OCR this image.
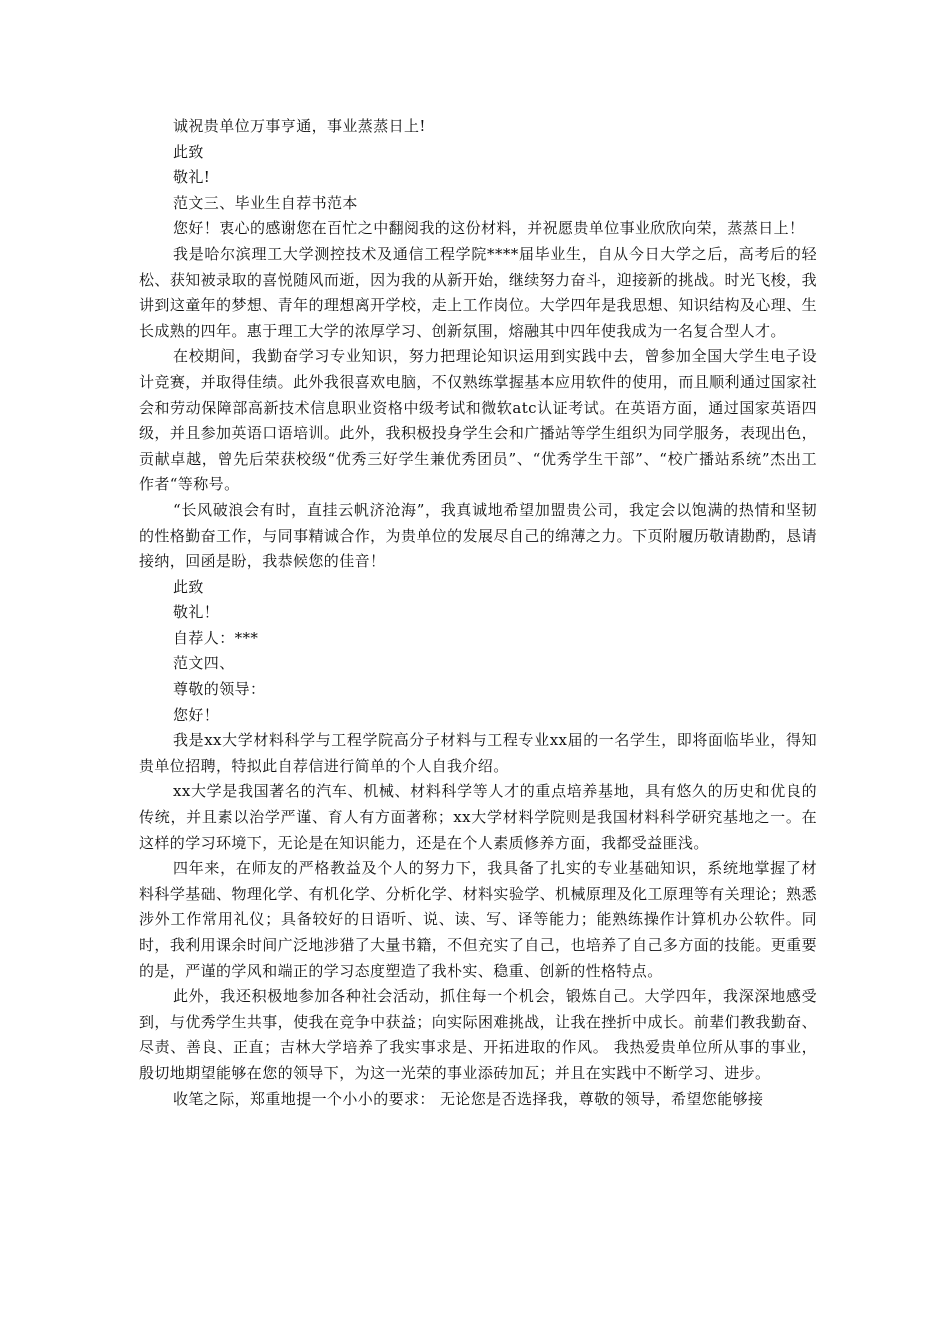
诚祝贵单位万事亨通，事业蒸蒸日上!

此致

敬礼!

范文三、毕业生自荐书范本

您好！衷心的感谢您在百忙之中翻阅我的这份材料，并祝愿贵单位事业欣欣向荣，蒸蒸日上！

我是哈尔滨理工大学测控技术及通信工程学院****届毕业生，自从今日大学之后，高考后的轻松、获知被录取的喜悦随风而逝，因为我的从新开始，继续努力奋斗，迎接新的挑战。时光飞梭，我讲到这童年的梦想、青年的理想离开学校，走上工作岗位。大学四年是我思想、知识结构及心理、生长成熟的四年。惠于理工大学的浓厚学习、创新氛围，熔融其中四年使我成为一名复合型人才。

在校期间，我勤奋学习专业知识，努力把理论知识运用到实践中去，曾参加全国大学生电子设计竞赛，并取得佳绩。此外我很喜欢电脑，不仅熟练掌握基本应用软件的使用，而且顺利通过国家社会和劳动保障部高新技术信息职业资格中级考试和微软atc认证考试。在英语方面，通过国家英语四级，并且参加英语口语培训。此外，我积极投身学生会和广播站等学生组织为同学服务，表现出色，贡献卓越，曾先后荣获校级“优秀三好学生兼优秀团员”、“优秀学生干部”、“校广播站系统”杰出工作者“等称号。

“长风破浪会有时，直挂云帆济沧海”，我真诚地希望加盟贵公司，我定会以饱满的热情和坚韧的性格勤奋工作，与同事精诚合作，为贵单位的发展尽自己的绵薄之力。下页附履历敬请勘酌，恳请接纳，回函是盼，我恭候您的佳音！

此致

敬礼！

自荐人：***

范文四、

尊敬的领导：

您好！

我是xx大学材料科学与工程学院高分子材料与工程专业xx届的一名学生，即将面临毕业，得知贵单位招聘，特拟此自荐信进行简单的个人自我介绍。

xx大学是我国著名的汽车、机械、材料科学等人才的重点培养基地，具有悠久的历史和优良的传统，并且素以治学严谨、育人有方面著称；xx大学材料学院则是我国材料科学研究基地之一。在这样的学习环境下，无论是在知识能力，还是在个人素质修养方面，我都受益匪浅。

四年来，在师友的严格教益及个人的努力下，我具备了扎实的专业基础知识，系统地掌握了材料科学基础、物理化学、有机化学、分析化学、材料实验学、机械原理及化工原理等有关理论；熟悉涉外工作常用礼仪；具备较好的日语听、说、读、写、译等能力；能熟练操作计算机办公软件。同时，我利用课余时间广泛地涉猎了大量书籍，不但充实了自己，也培养了自己多方面的技能。更重要的是，严谨的学风和端正的学习态度塑造了我朴实、稳重、创新的性格特点。

此外，我还积极地参加各种社会活动，抓住每一个机会，锻炼自己。大学四年，我深深地感受到，与优秀学生共事，使我在竞争中获益；向实际困难挑战，让我在挫折中成长。前辈们教我勤奋、尽责、善良、正直；吉林大学培养了我实事求是、开拓进取的作风。 我热爱贵单位所从事的事业，殷切地期望能够在您的领导下，为这一光荣的事业添砖加瓦；并且在实践中不断学习、进步。

收笔之际，郑重地提一个小小的要求： 无论您是否选择我，尊敬的领导，希望您能够接
